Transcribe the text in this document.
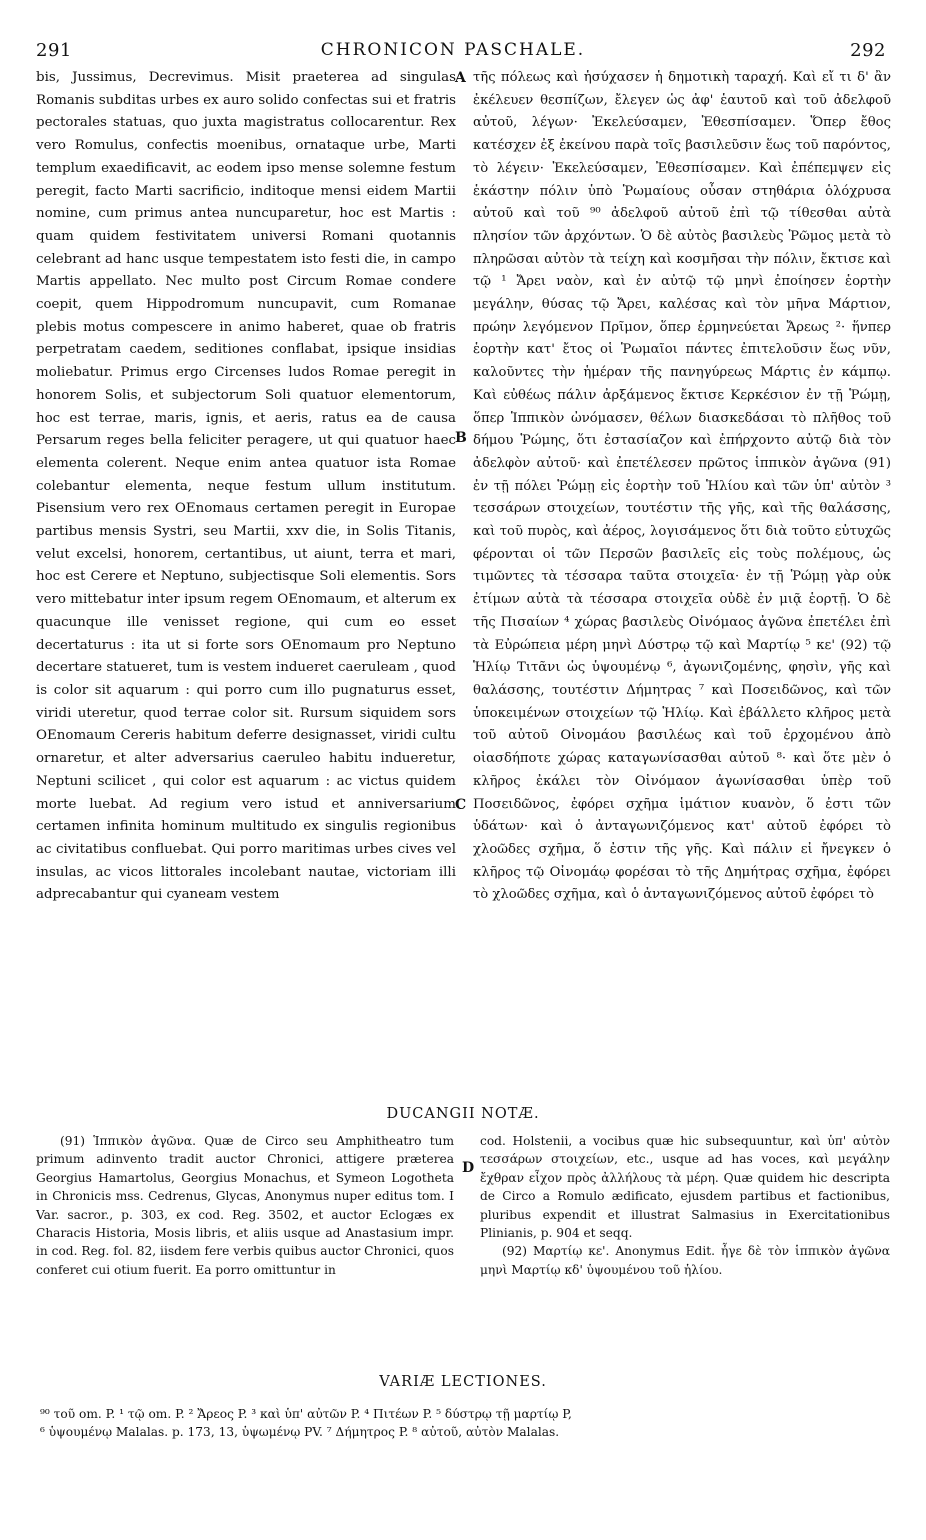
291	CHRONICON PASCHALE.	292
bis, Jussimus, Decrevimus. Misit praeterea ad singulas Romanis subditas urbes ex auro solido confectas sui et fratris pectorales statuas, quo juxta magistratus collocarentur. Rex vero Romulus, confectis moenibus, ornataque urbe, Marti templum exaedificavit, ac eodem ipso mense solemne festum peregit, facto Marti sacrificio, inditoque mensi eidem Martii nomine, cum primus antea nuncuparetur, hoc est Martis : quam quidem festivitatem universi Romani quotannis celebrant ad hanc usque tempestatem isto festi die, in campo Martis appellato. Nec multo post Circum Romae condere coepit, quem Hippodromum nuncupavit, cum Romanae plebis motus compescere in animo haberet, quae ob fratris perpetratam caedem, seditiones conflabat, ipsique insidias moliebatur. Primus ergo Circenses ludos Romae peregit in honorem Solis, et subjectorum Soli quatuor elementorum, hoc est terrae, maris, ignis, et aeris, ratus ea de causa Persarum reges bella feliciter peragere, ut qui quatuor haec elementa colerent. Neque enim antea quatuor ista Romae colebantur elementa, neque festum ullum institutum. Pisensium vero rex OEnomaus certamen peregit in Europae partibus mensis Systri, seu Martii, xxv die, in Solis Titanis, velut excelsi, honorem, certantibus, ut aiunt, terra et mari, hoc est Cerere et Neptuno, subjectisque Soli elementis. Sors vero mittebatur inter ipsum regem OEnomaum, et alterum ex quacunque ille venisset regione, qui cum eo esset decertaturus : ita ut si forte sors OEnomaum pro Neptuno decertare statueret, tum is vestem indueret caeruleam , quod is color sit aquarum : qui porro cum illo pugnaturus esset, viridi uteretur, quod terrae color sit. Rursum siquidem sors OEnomaum Cereris habitum deferre designasset, viridi cultu ornaretur, et alter adversarius caeruleo habitu indueretur, Neptuni scilicet , qui color est aquarum : ac victus quidem morte luebat. Ad regium vero istud et anniversarium certamen infinita hominum multitudo ex singulis regionibus ac civitatibus confluebat. Qui porro maritimas urbes cives vel insulas, ac vicos littorales incolebant nautae, victoriam illi adprecabantur qui cyaneam vestem
τῆς πόλεως καὶ ἡσύχασεν ἡ δημοτικὴ ταραχή. Καὶ εἴ τι δ' ἂν ἐκέλευεν θεσπίζων, ἔλεγεν ὡς ἀφ' ἑαυτοῦ καὶ τοῦ ἀδελφοῦ αὐτοῦ, λέγων· Ἐκελεύσαμεν, Ἐθεσπίσαμεν. Ὅπερ ἔθος κατέσχεν ἐξ ἐκείνου παρὰ τοῖς βασιλεῦσιν ἕως τοῦ παρόντος, τὸ λέγειν· Ἐκελεύσαμεν, Ἐθεσπίσαμεν. Καὶ ἐπέπεμψεν εἰς ἑκάστην πόλιν ὑπὸ Ῥωμαίους οὖσαν στηθάρια ὁλόχρυσα αὐτοῦ καὶ τοῦ ⁹⁰ ἀδελφοῦ αὐτοῦ ἐπὶ τῷ τίθεσθαι αὐτὰ πλησίον τῶν ἀρχόντων. Ὁ δὲ αὐτὸς βασιλεὺς Ῥῶμος μετὰ τὸ πληρῶσαι αὐτὸν τὰ τείχη καὶ κοσμῆσαι τὴν πόλιν, ἔκτισε καὶ τῷ ¹ Ἄρει ναὸν, καὶ ἐν αὐτῷ τῷ μηνὶ ἐποίησεν ἑορτὴν μεγάλην, θύσας τῷ Ἄρει, καλέσας καὶ τὸν μῆνα Μάρτιον, πρώην λεγόμενον Πρῖμον, ὅπερ ἑρμηνεύεται Ἄρεως ²· ἥνπερ ἑορτὴν κατ' ἔτος οἱ Ῥωμαῖοι πάντες ἐπιτελοῦσιν ἕως νῦν, καλοῦντες τὴν ἡμέραν τῆς πανηγύρεως Μάρτις ἐν κάμπῳ. Καὶ εὐθέως πάλιν ἀρξάμενος ἔκτισε Κερκέσιον ἐν τῇ Ῥώμῃ, ὅπερ Ἱππικὸν ὠνόμασεν, θέλων διασκεδάσαι τὸ πλῆθος τοῦ δήμου Ῥώμης, ὅτι ἐστασίαζον καὶ ἐπήρχοντο αὐτῷ διὰ τὸν ἀδελφὸν αὐτοῦ· καὶ ἐπετέλεσεν πρῶτος ἱππικὸν ἀγῶνα (91) ἐν τῇ πόλει Ῥώμῃ εἰς ἑορτὴν τοῦ Ἡλίου καὶ τῶν ὑπ' αὐτὸν ³ τεσσάρων στοιχείων, τουτέστιν τῆς γῆς, καὶ τῆς θαλάσσης, καὶ τοῦ πυρὸς, καὶ ἀέρος, λογισάμενος ὅτι διὰ τοῦτο εὐτυχῶς φέρονται οἱ τῶν Περσῶν βασιλεῖς εἰς τοὺς πολέμους, ὡς τιμῶντες τὰ τέσσαρα ταῦτα στοιχεῖα· ἐν τῇ Ῥώμῃ γὰρ οὐκ ἐτίμων αὐτὰ τὰ τέσσαρα στοιχεῖα οὐδὲ ἐν μιᾷ ἑορτῇ. Ὁ δὲ τῆς Πισαίων ⁴ χώρας βασιλεὺς Οἰνόμαος ἀγῶνα ἐπετέλει ἐπὶ τὰ Εὐρώπεια μέρη μηνὶ Δύστρῳ τῷ καὶ Μαρτίῳ ⁵ κε' (92) τῷ Ἡλίῳ Τιτᾶνι ὡς ὑψουμένῳ ⁶, ἀγωνιζομένης, φησὶν, γῆς καὶ θαλάσσης, τουτέστιν Δήμητρας ⁷ καὶ Ποσειδῶνος, καὶ τῶν ὑποκειμένων στοιχείων τῷ Ἡλίῳ. Καὶ ἐβάλλετο κλῆρος μετὰ τοῦ αὐτοῦ Οἰνομάου βασιλέως καὶ τοῦ ἐρχομένου ἀπὸ οἱασδήποτε χώρας καταγωνίσασθαι αὐτοῦ ⁸· καὶ ὅτε μὲν ὁ κλῆρος ἐκάλει τὸν Οἰνόμαον ἀγωνίσασθαι ὑπὲρ τοῦ Ποσειδῶνος, ἐφόρει σχῆμα ἱμάτιον κυανὸν, ὅ ἐστι τῶν ὑδάτων· καὶ ὁ ἀνταγωνιζόμενος κατ' αὐτοῦ ἐφόρει τὸ χλοῶδες σχῆμα, ὅ ἐστιν τῆς γῆς. Καὶ πάλιν εἰ ἤνεγκεν ὁ κλῆρος τῷ Οἰνομάῳ φορέσαι τὸ τῆς Δημήτρας σχῆμα, ἐφόρει τὸ χλοῶδες σχῆμα, καὶ ὁ ἀνταγωνιζόμενος αὐτοῦ ἐφόρει τὸ
A
B
C
D
DUCANGII NOTÆ.
(91) Ἱππικὸν ἀγῶνα. Quæ de Circo seu Amphitheatro tum primum adinvento tradit auctor Chronici, attigere præterea Georgius Hamartolus, Georgius Monachus, et Symeon Logotheta in Chronicis mss. Cedrenus, Glycas, Anonymus nuper editus tom. I Var. sacror., p. 303, ex cod. Reg. 3502, et auctor Eclogæs ex Characis Historia, Mosis libris, et aliis usque ad Anastasium impr. in cod. Reg. fol. 82, iisdem fere verbis quibus auctor Chronici, quos conferet cui otium fuerit. Ea porro omittuntur in

cod. Holstenii, a vocibus quæ hic subsequuntur, καὶ ὑπ' αὐτὸν τεσσάρων στοιχείων, etc., usque ad has voces, καὶ μεγάλην ἔχθραν εἶχον πρὸς ἀλλήλους τὰ μέρη. Quæ quidem hic descripta de Circo a Romulo ædificato, ejusdem partibus et factionibus, pluribus expendit et illustrat Salmasius in Exercitationibus Plinianis, p. 904 et seqq.

(92) Μαρτίῳ κε'. Anonymus Edit. ἦγε δὲ τὸν ἱππικὸν ἀγῶνα μηνὶ Μαρτίῳ κδ' ὑψουμένου τοῦ ἡλίου.

VARIÆ LECTIONES.
⁹⁰ τοῦ om. P. ¹ τῷ om. P. ² Ἄρεος P. ³ καὶ ὑπ' αὐτῶν P. ⁴ Πιτέων P. ⁵ δύστρῳ τῇ μαρτίῳ P,
⁶ ὑψουμένῳ Malalas. p. 173, 13, ὑψωμένῳ PV. ⁷ Δήμητρος P. ⁸ αὐτοῦ, αὐτὸν Malalas.
